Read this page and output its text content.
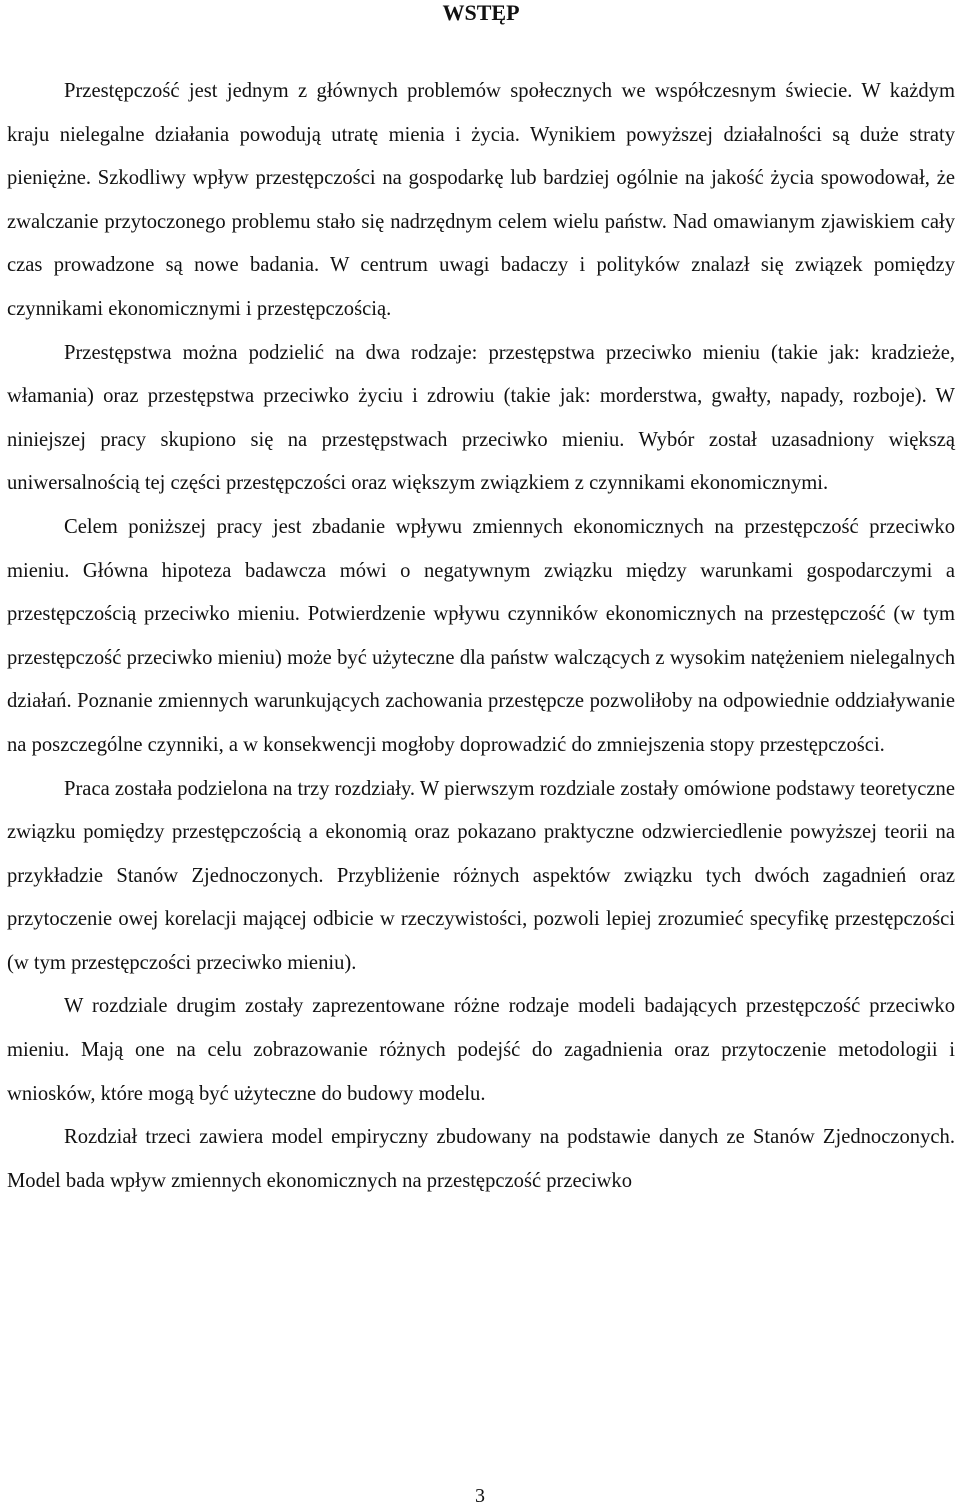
WSTĘP

Przestępczość jest jednym z głównych problemów społecznych we współczesnym świecie. W każdym kraju nielegalne działania powodują utratę mienia i życia. Wynikiem powyższej działalności są duże straty pieniężne. Szkodliwy wpływ przestępczości na gospodarkę lub bardziej ogólnie na jakość życia spowodował, że zwalczanie przytoczonego problemu stało się nadrzędnym celem wielu państw. Nad omawianym zjawiskiem cały czas prowadzone są nowe badania. W centrum uwagi badaczy i polityków znalazł się związek pomiędzy czynnikami ekonomicznymi i przestępczością.

Przestępstwa można podzielić na dwa rodzaje: przestępstwa przeciwko mieniu (takie jak: kradzieże, włamania) oraz przestępstwa przeciwko życiu i zdrowiu (takie jak: morderstwa, gwałty, napady, rozboje). W niniejszej pracy skupiono się na przestępstwach przeciwko mieniu. Wybór został uzasadniony większą uniwersalnością tej części przestępczości oraz większym związkiem z czynnikami ekonomicznymi.

Celem poniższej pracy jest zbadanie wpływu zmiennych ekonomicznych na przestępczość przeciwko mieniu. Główna hipoteza badawcza mówi o negatywnym związku między warunkami gospodarczymi a przestępczością przeciwko mieniu. Potwierdzenie wpływu czynników ekonomicznych na przestępczość (w tym przestępczość przeciwko mieniu) może być użyteczne dla państw walczących z wysokim natężeniem nielegalnych działań. Poznanie zmiennych warunkujących zachowania przestępcze pozwoliłoby na odpowiednie oddziaływanie na poszczególne czynniki, a w konsekwencji mogłoby doprowadzić do zmniejszenia stopy przestępczości.

Praca została podzielona na trzy rozdziały. W pierwszym rozdziale zostały omówione podstawy teoretyczne związku pomiędzy przestępczością a ekonomią oraz pokazano praktyczne odzwierciedlenie powyższej teorii na przykładzie Stanów Zjednoczonych. Przybliżenie różnych aspektów związku tych dwóch zagadnień oraz przytoczenie owej korelacji mającej odbicie w rzeczywistości, pozwoli lepiej zrozumieć specyfikę przestępczości (w tym przestępczości przeciwko mieniu).

W rozdziale drugim zostały zaprezentowane różne rodzaje modeli badających przestępczość przeciwko mieniu. Mają one na celu zobrazowanie różnych podejść do zagadnienia oraz przytoczenie metodologii i wniosków, które mogą być użyteczne do budowy modelu.

Rozdział trzeci zawiera model empiryczny zbudowany na podstawie danych ze Stanów Zjednoczonych. Model bada wpływ zmiennych ekonomicznych na przestępczość przeciwko

3
